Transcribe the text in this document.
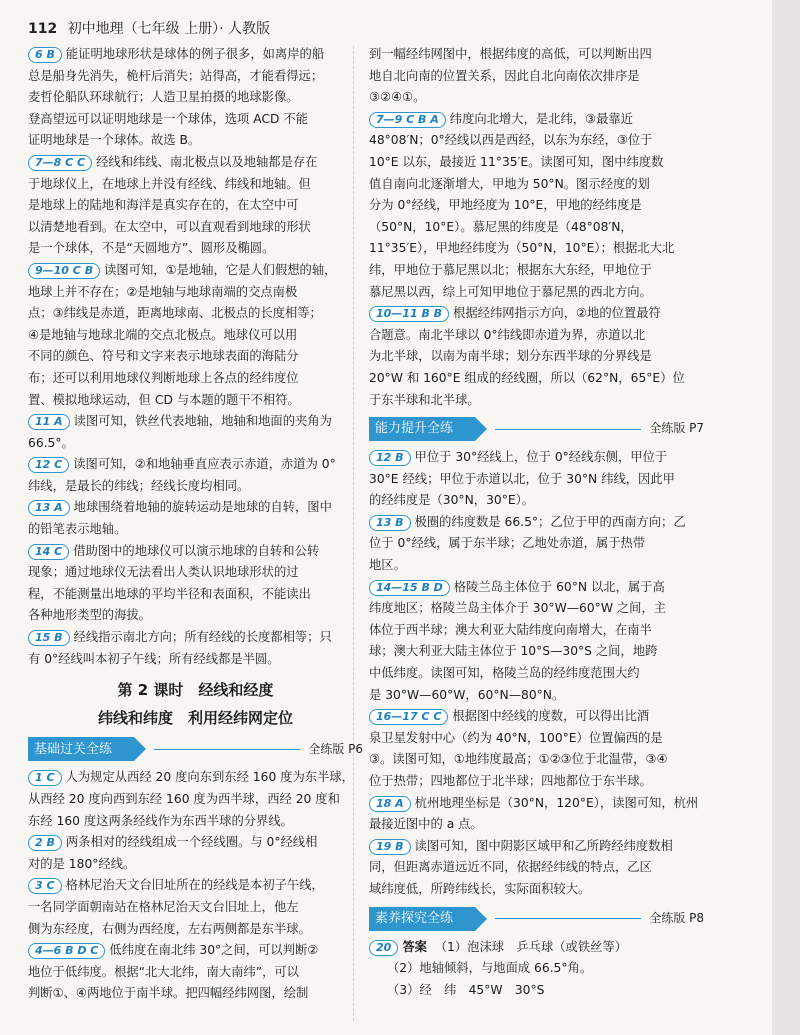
112 初中地理（七年级 上册）· 人教版

6 B 能证明地球形状是球体的例子很多，如离岸的船

总是船身先消失，桅杆后消失；站得高，才能看得远；

麦哲伦船队环球航行；人造卫星拍摄的地球影像。

登高望远可以证明地球是一个球体，选项 ACD 不能

证明地球是一个球体。故选 B。

7—8 C C 经线和纬线、南北极点以及地轴都是存在

于地球仪上，在地球上并没有经线、纬线和地轴。但

是地球上的陆地和海洋是真实存在的，在太空中可

以清楚地看到。在太空中，可以直观看到地球的形状

是一个球体，不是“天圆地方”、圆形及椭圆。

9—10 C B 读图可知，①是地轴，它是人们假想的轴，

地球上并不存在；②是地轴与地球南端的交点南极

点；③纬线是赤道，距离地球南、北极点的长度相等；

④是地轴与地球北端的交点北极点。地球仪可以用

不同的颜色、符号和文字来表示地球表面的海陆分

布；还可以利用地球仪判断地球上各点的经纬度位

置、模拟地球运动，但 CD 与本题的题干不相符。

11 A 读图可知，铁丝代表地轴，地轴和地面的夹角为

66.5°。

12 C 读图可知，②和地轴垂直应表示赤道，赤道为 0°

纬线，是最长的纬线；经线长度均相同。

13 A 地球围绕着地轴的旋转运动是地球的自转，图中

的铅笔表示地轴。

14 C 借助图中的地球仪可以演示地球的自转和公转

现象；通过地球仪无法看出人类认识地球形状的过

程，不能测量出地球的平均半径和表面积，不能读出

各种地形类型的海拔。

15 B 经线指示南北方向；所有经线的长度都相等；只

有 0°经线叫本初子午线；所有经线都是半圆。

第 2 课时　经线和经度
纬线和纬度　利用经纬网定位
基础过关全练	全练版 P6

1 C 人为规定从西经 20 度向东到东经 160 度为东半球，

从西经 20 度向西到东经 160 度为西半球，西经 20 度和

东经 160 度这两条经线作为东西半球的分界线。

2 B 两条相对的经线组成一个经线圈。与 0°经线相

对的是 180°经线。

3 C 格林尼治天文台旧址所在的经线是本初子午线，

一名同学面朝南站在格林尼治天文台旧址上，他左

侧为东经度，右侧为西经度，左右两侧都是东半球。

4—6 B D C 低纬度在南北纬 30°之间，可以判断②

地位于低纬度。根据“北大北纬，南大南纬”，可以

判断①、④两地位于南半球。把四幅经纬网图，绘制

到一幅经纬网图中，根据纬度的高低，可以判断出四

地自北向南的位置关系，因此自北向南依次排序是

③②④①。

7—9 C B A 纬度向北增大，是北纬，③最靠近

48°08′N；0°经线以西是西经，以东为东经，③位于

10°E 以东，最接近 11°35′E。读图可知，图中纬度数

值自南向北逐渐增大，甲地为 50°N。图示经度的划

分为 0°经线，甲地经度为 10°E，甲地的经纬度是

（50°N，10°E）。慕尼黑的纬度是（48°08′N，

11°35′E），甲地经纬度为（50°N，10°E）；根据北大北

纬，甲地位于慕尼黑以北；根据东大东经，甲地位于

慕尼黑以西，综上可知甲地位于慕尼黑的西北方向。

10—11 B B 根据经纬网指示方向，②地的位置最符

合题意。南北半球以 0°纬线即赤道为界，赤道以北

为北半球，以南为南半球；划分东西半球的分界线是

20°W 和 160°E 组成的经线圈，所以（62°N，65°E）位

于东半球和北半球。

能力提升全练	全练版 P7

12 B 甲位于 30°经线上，位于 0°经线东侧，甲位于

30°E 经线；甲位于赤道以北，位于 30°N 纬线，因此甲

的经纬度是（30°N，30°E）。

13 B 极圈的纬度数是 66.5°；乙位于甲的西南方向；乙

位于 0°经线，属于东半球；乙地处赤道，属于热带

地区。

14—15 B D 格陵兰岛主体位于 60°N 以北，属于高

纬度地区；格陵兰岛主体介于 30°W—60°W 之间，主

体位于西半球；澳大利亚大陆纬度向南增大，在南半

球；澳大利亚大陆主体位于 10°S—30°S 之间，地跨

中低纬度。读图可知，格陵兰岛的经纬度范围大约

是 30°W—60°W，60°N—80°N。

16—17 C C 根据图中经线的度数，可以得出比酒

泉卫星发射中心（约为 40°N，100°E）位置偏西的是

③。读图可知，①地纬度最高；①②③位于北温带，③④

位于热带；四地都位于北半球；四地都位于东半球。

18 A 杭州地理坐标是（30°N，120°E），读图可知，杭州

最接近图中的 a 点。

19 B 读图可知，图中阴影区域甲和乙所跨经纬度数相

同，但距离赤道远近不同，依据经纬线的特点，乙区

域纬度低，所跨纬线长，实际面积较大。

素养探究全练	全练版 P8

20 答案 （1）泡沫球　乒乓球（或铁丝等）

（2）地轴倾斜，与地面成 66.5°角。

（3）经　纬　45°W　30°S
